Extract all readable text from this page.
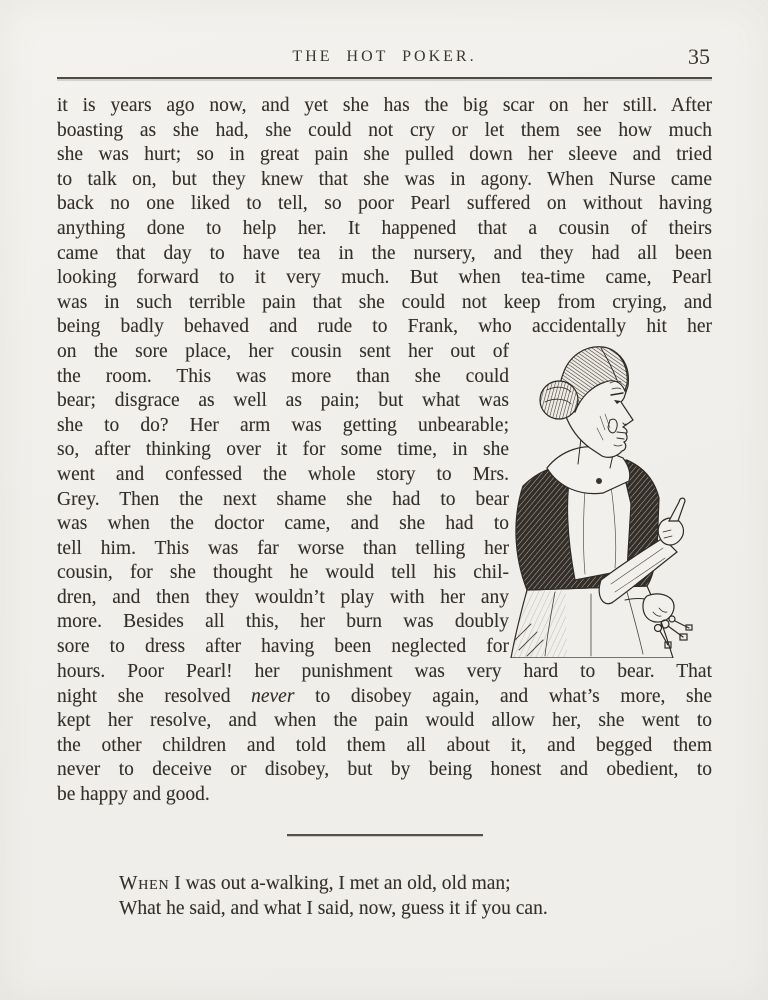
THE HOT POKER.	35
it is years ago now, and yet she has the big scar on her still. After
boasting as she had, she could not cry or let them see how much
she was hurt; so in great pain she pulled down her sleeve and tried
to talk on, but they knew that she was in agony. When Nurse came
back no one liked to tell, so poor Pearl suffered on without having
anything done to help her. It happened that a cousin of theirs
came that day to have tea in the nursery, and they had all been
looking forward to it very much. But when tea-time came, Pearl
was in such terrible pain that she could not keep from crying, and
being badly behaved and rude to Frank, who accidentally hit her
on the sore place, her cousin sent her out of
the room. This was more than she could
bear; disgrace as well as pain; but what was
she to do? Her arm was getting unbearable;
so, after thinking over it for some time, in she
went and confessed the whole story to Mrs.
Grey. Then the next shame she had to bear
was when the doctor came, and she had to
tell him. This was far worse than telling her
cousin, for she thought he would tell his chil-
dren, and then they wouldn’t play with her any
more. Besides all this, her burn was doubly
sore to dress after having been neglected for
hours. Poor Pearl! her punishment was very hard to bear. That
night she resolved never to disobey again, and what’s more, she
kept her resolve, and when the pain would allow her, she went to
the other children and told them all about it, and begged them
never to deceive or disobey, but by being honest and obedient, to
be happy and good.
When I was out a-walking, I met an old, old man;
What he said, and what I said, now, guess it if you can.
